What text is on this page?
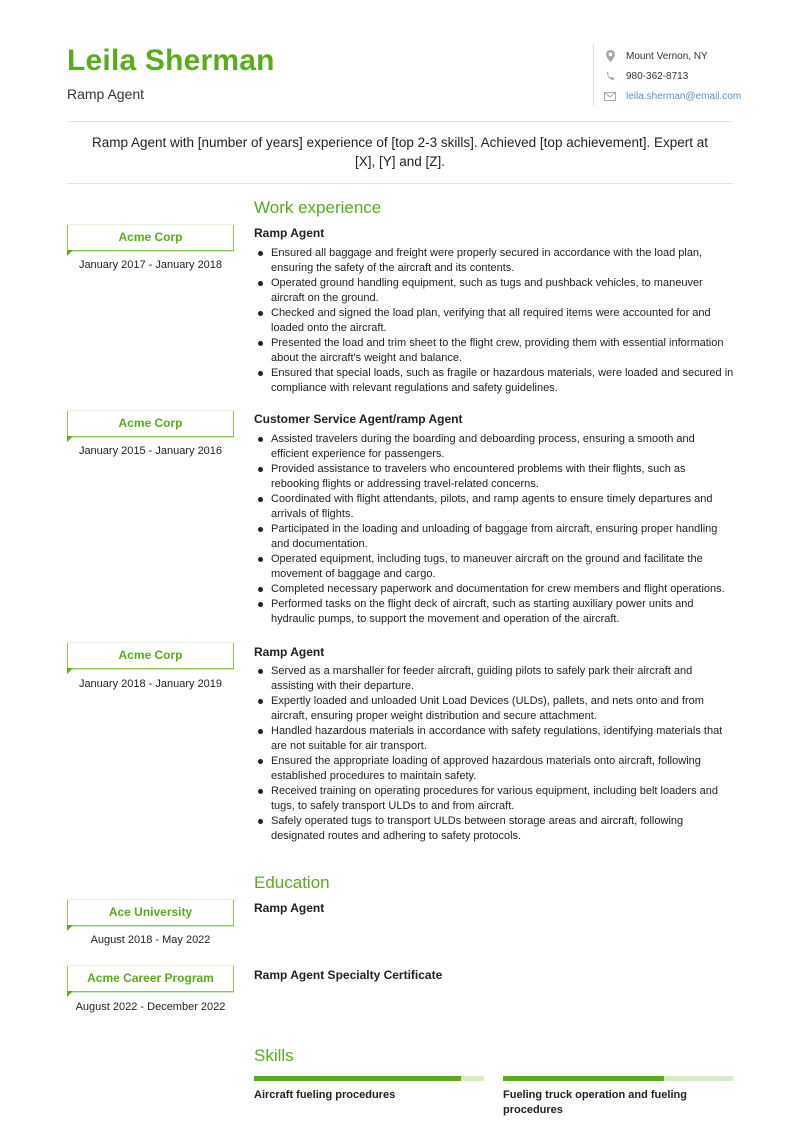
Leila Sherman
Ramp Agent
Mount Vernon, NY
980-362-8713
leila.sherman@email.com
Ramp Agent with [number of years] experience of [top 2-3 skills]. Achieved [top achievement]. Expert at [X], [Y] and [Z].
Work experience
Acme Corp
January 2017 - January 2018
Ramp Agent
Ensured all baggage and freight were properly secured in accordance with the load plan, ensuring the safety of the aircraft and its contents.
Operated ground handling equipment, such as tugs and pushback vehicles, to maneuver aircraft on the ground.
Checked and signed the load plan, verifying that all required items were accounted for and loaded onto the aircraft.
Presented the load and trim sheet to the flight crew, providing them with essential information about the aircraft's weight and balance.
Ensured that special loads, such as fragile or hazardous materials, were loaded and secured in compliance with relevant regulations and safety guidelines.
Acme Corp
January 2015 - January 2016
Customer Service Agent/ramp Agent
Assisted travelers during the boarding and deboarding process, ensuring a smooth and efficient experience for passengers.
Provided assistance to travelers who encountered problems with their flights, such as rebooking flights or addressing travel-related concerns.
Coordinated with flight attendants, pilots, and ramp agents to ensure timely departures and arrivals of flights.
Participated in the loading and unloading of baggage from aircraft, ensuring proper handling and documentation.
Operated equipment, including tugs, to maneuver aircraft on the ground and facilitate the movement of baggage and cargo.
Completed necessary paperwork and documentation for crew members and flight operations.
Performed tasks on the flight deck of aircraft, such as starting auxiliary power units and hydraulic pumps, to support the movement and operation of the aircraft.
Acme Corp
January 2018 - January 2019
Ramp Agent
Served as a marshaller for feeder aircraft, guiding pilots to safely park their aircraft and assisting with their departure.
Expertly loaded and unloaded Unit Load Devices (ULDs), pallets, and nets onto and from aircraft, ensuring proper weight distribution and secure attachment.
Handled hazardous materials in accordance with safety regulations, identifying materials that are not suitable for air transport.
Ensured the appropriate loading of approved hazardous materials onto aircraft, following established procedures to maintain safety.
Received training on operating procedures for various equipment, including belt loaders and tugs, to safely transport ULDs to and from aircraft.
Safely operated tugs to transport ULDs between storage areas and aircraft, following designated routes and adhering to safety protocols.
Education
Ace University
August 2018 - May 2022
Ramp Agent
Acme Career Program
August 2022 - December 2022
Ramp Agent Specialty Certificate
Skills
Aircraft fueling procedures	Fueling truck operation and fueling procedures
